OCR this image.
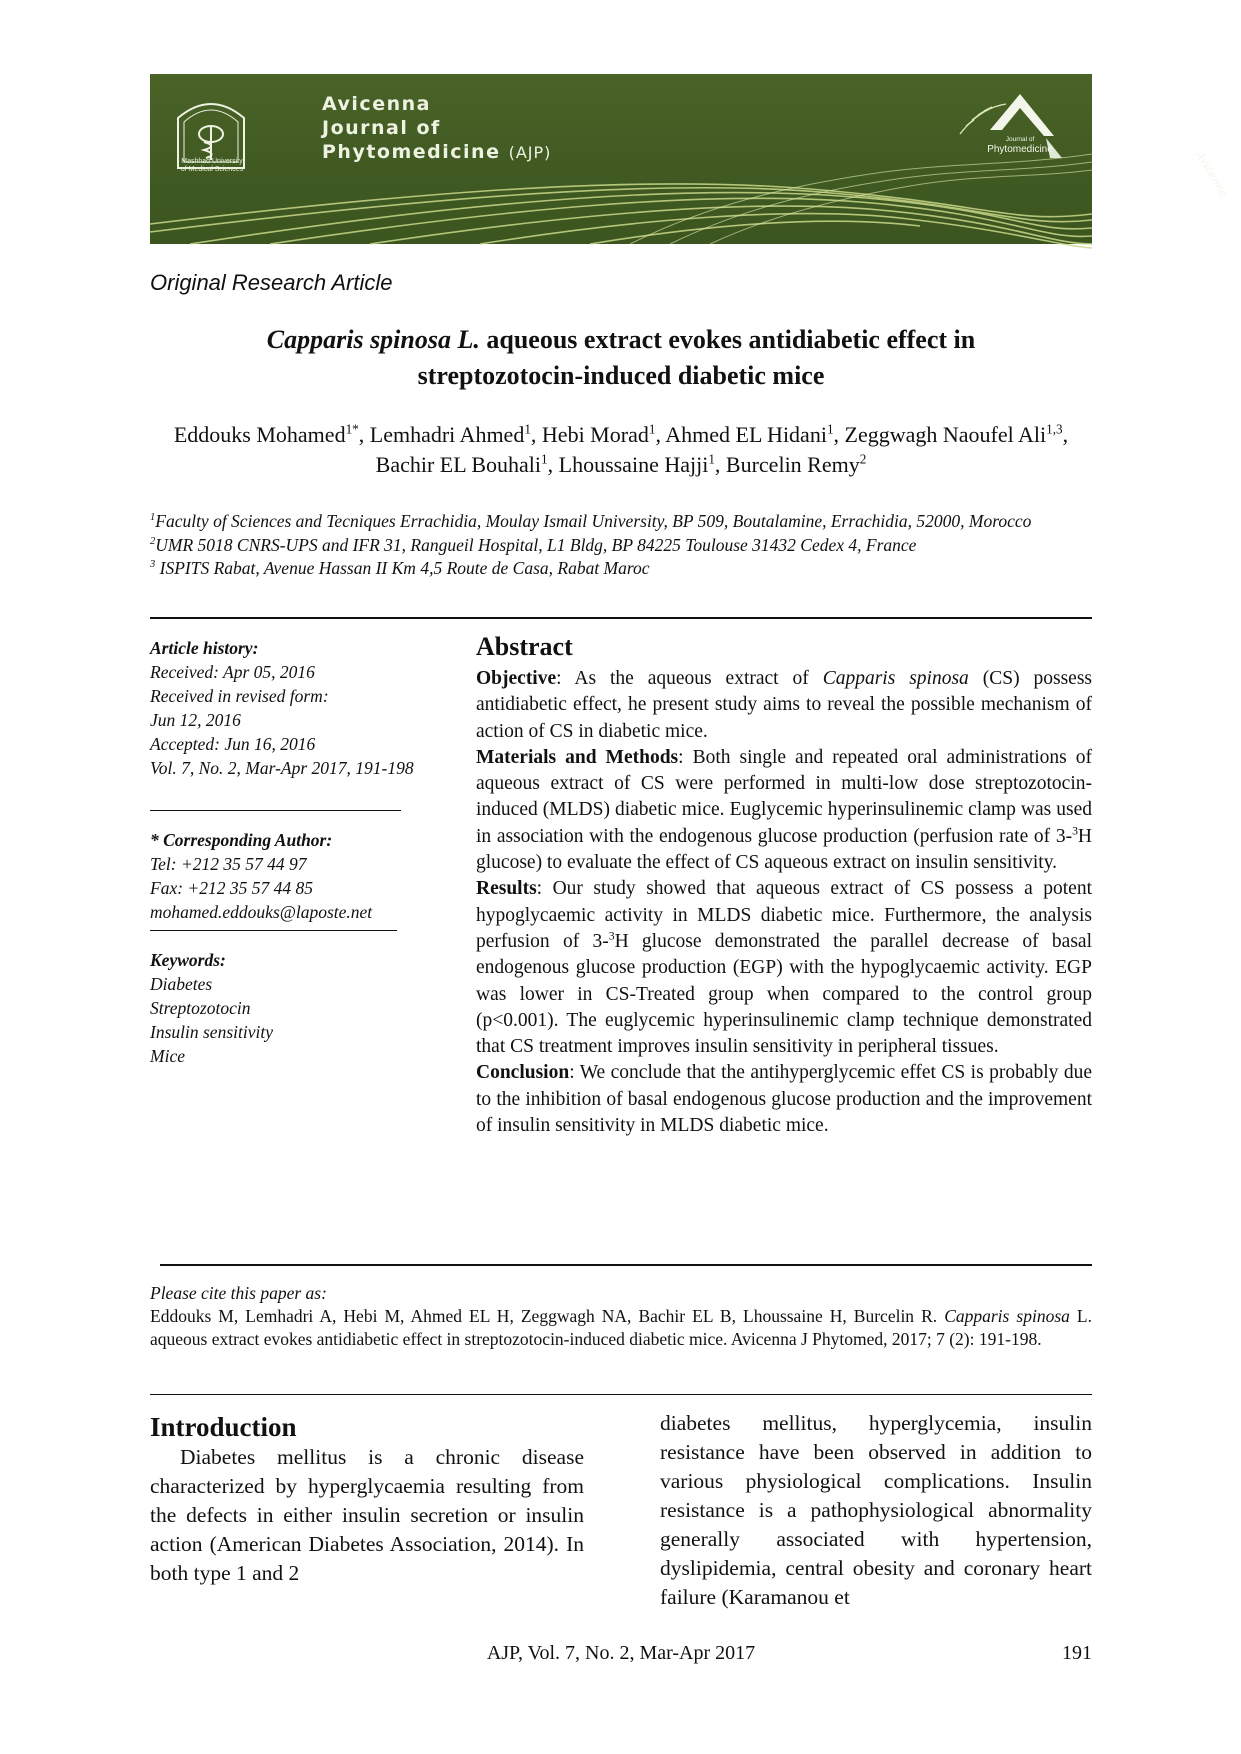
Mashhad University
of Medical Sciences
Avicenna
Journal of
Phytomedicine (AJP)
Journal of
Phytomedicine	Avicenna
Original Research Article
Capparis spinosa L. aqueous extract evokes antidiabetic effect in
streptozotocin-induced diabetic mice
Eddouks Mohamed$^{1*}$, Lemhadri Ahmed$^1$, Hebi Morad$^1$, Ahmed EL Hidani$^1$, Zeggwagh Naoufel Ali$^{1,3}$, Bachir EL Bouhali$^1$, Lhoussaine Hajji$^1$, Burcelin Remy$^2$
$^1$Faculty of Sciences and Tecniques Errachidia, Moulay Ismail University, BP 509, Boutalamine, Errachidia, 52000, Morocco
$^2$UMR 5018 CNRS-UPS and IFR 31, Rangueil Hospital, L1 Bldg, BP 84225 Toulouse 31432 Cedex 4, France
$^3$ ISPITS Rabat, Avenue Hassan II Km 4,5 Route de Casa, Rabat Maroc
Article history:
Received: Apr 05, 2016
Received in revised form:
Jun 12, 2016
Accepted: Jun 16, 2016
Vol. 7, No. 2, Mar-Apr 2017, 191-198
* Corresponding Author:
Tel: +212 35 57 44 97
Fax: +212 35 57 44 85
mohamed.eddouks@laposte.net
Keywords:
Diabetes
Streptozotocin
Insulin sensitivity
Mice
Abstract

Objective: As the aqueous extract of Capparis spinosa (CS) possess antidiabetic effect, he present study aims to reveal the possible mechanism of action of CS in diabetic mice.

Materials and Methods: Both single and repeated oral administrations of aqueous extract of CS were performed in multi-low dose streptozotocin-induced (MLDS) diabetic mice. Euglycemic hyperinsulinemic clamp was used in association with the endogenous glucose production (perfusion rate of 3-$^3$H glucose) to evaluate the effect of CS aqueous extract on insulin sensitivity.

Results: Our study showed that aqueous extract of CS possess a potent hypoglycaemic activity in MLDS diabetic mice. Furthermore, the analysis perfusion of 3-$^3$H glucose demonstrated the parallel decrease of basal endogenous glucose production (EGP) with the hypoglycaemic activity. EGP was lower in CS-Treated group when compared to the control group (p<0.001). The euglycemic hyperinsulinemic clamp technique demonstrated that CS treatment improves insulin sensitivity in peripheral tissues.

Conclusion: We conclude that the antihyperglycemic effet CS is probably due to the inhibition of basal endogenous glucose production and the improvement of insulin sensitivity in MLDS diabetic mice.

Please cite this paper as:

Eddouks M, Lemhadri A, Hebi M, Ahmed EL H, Zeggwagh NA, Bachir EL B, Lhoussaine H, Burcelin R. Capparis spinosa L. aqueous extract evokes antidiabetic effect in streptozotocin-induced diabetic mice. Avicenna J Phytomed, 2017; 7 (2): 191-198.

Introduction

Diabetes mellitus is a chronic disease characterized by hyperglycaemia resulting from the defects in either insulin secretion or insulin action (American Diabetes Association, 2014). In both type 1 and 2

diabetes mellitus, hyperglycemia, insulin resistance have been observed in addition to various physiological complications. Insulin resistance is a pathophysiological abnormality generally associated with hypertension, dyslipidemia, central obesity and coronary heart failure (Karamanou et

AJP, Vol. 7, No. 2, Mar-Apr 2017	191
